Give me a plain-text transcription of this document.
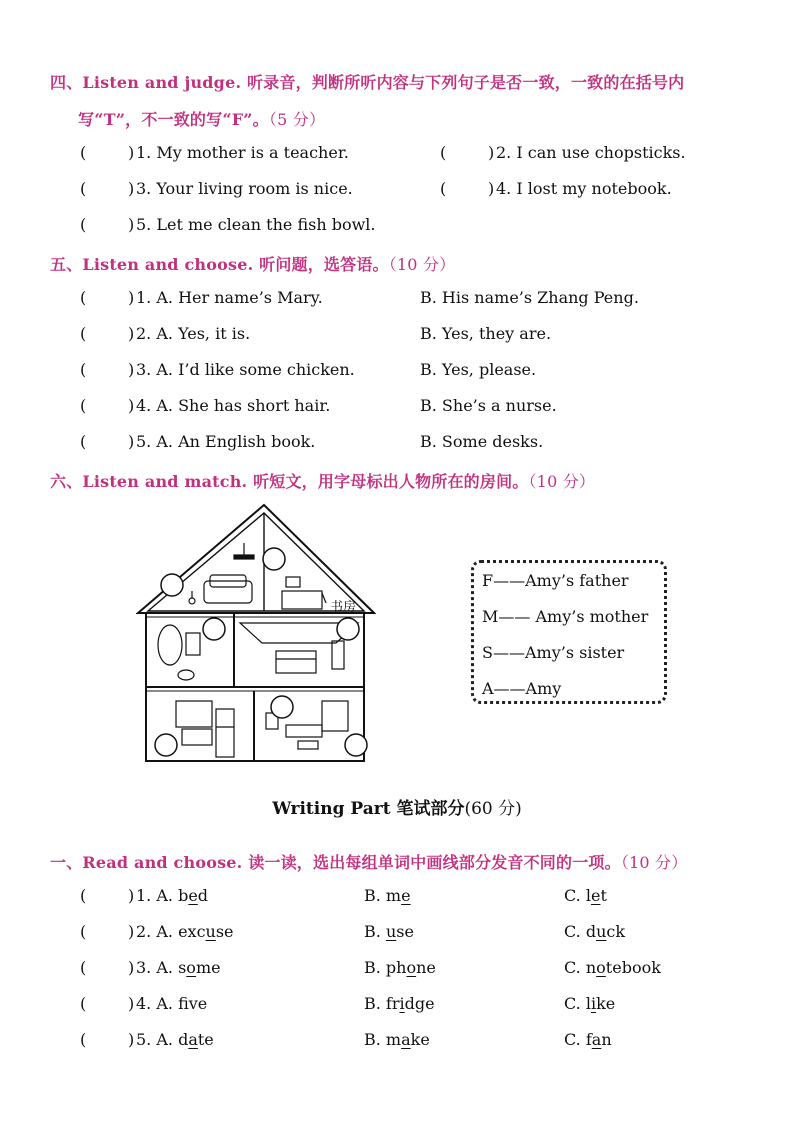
四、Listen and judge. 听录音，判断所听内容与下列句子是否一致，一致的在括号内
写“T”，不一致的写“F”。（5 分）
(	) 1. My mother is a teacher.	(	) 2. I can use chopsticks.
(	) 3. Your living room is nice.	(	) 4. I lost my notebook.
(	) 5. Let me clean the fish bowl.
五、Listen and choose. 听问题，选答语。（10 分）
(	) 1. A. Her name’s Mary.	B. His name’s Zhang Peng.
(	) 2. A. Yes, it is.	B. Yes, they are.
(	) 3. A. I’d like some chicken.	B. Yes, please.
(	) 4. A. She has short hair.	B. She’s a nurse.
(	) 5. A. An English book.	B. Some desks.
六、Listen and match. 听短文，用字母标出人物所在的房间。（10 分）
书房
F——Amy’s father
M—— Amy’s mother
S——Amy’s sister
A——Amy
Writing Part 笔试部分(60 分)
一、Read and choose. 读一读，选出每组单词中画线部分发音不同的一项。（10 分）
(	) 1. A. bed	B. me	C. let
(	) 2. A. excuse	B. use	C. duck
(	) 3. A. some	B. phone	C. notebook
(	) 4. A. fve	B. fridge	C. like
(	) 5. A. date	B. make	C. fan
